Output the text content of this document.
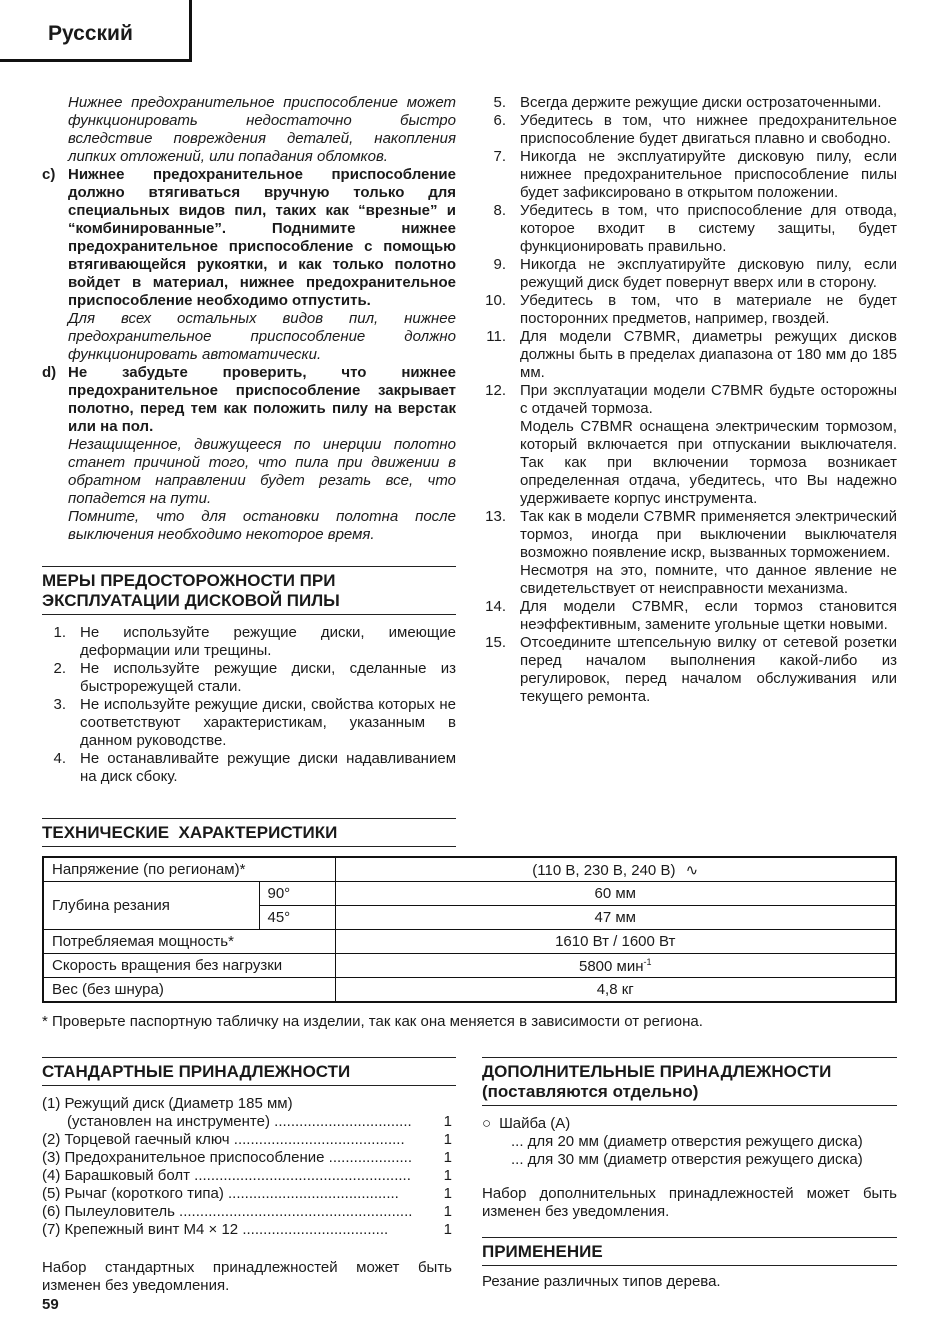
Русский
Нижнее предохранительное приспособление может функционировать недостаточно быстро вследствие повреждения деталей, накопления липких отложений, или попадания обломков.
c) Нижнее предохранительное приспособление должно втягиваться вручную только для специальных видов пил, таких как “врезные” и “комбинированные”. Поднимите нижнее предохранительное приспособление с помощью втягивающейся рукоятки, и как только полотно войдет в материал, нижнее предохранительное приспособление необходимо отпустить.
Для всех остальных видов пил, нижнее предохранительное приспособление должно функционировать автоматически.
d) Не забудьте проверить, что нижнее предохранительное приспособление закрывает полотно, перед тем как положить пилу на верстак или на пол.
Незащищенное, движущееся по инерции полотно станет причиной того, что пила при движении в обратном направлении будет резать все, что попадется на пути.
Помните, что для остановки полотна после выключения необходимо некоторое время.
МЕРЫ ПРЕДОСТОРОЖНОСТИ ПРИ
ЭКСПЛУАТАЦИИ ДИСКОВОЙ ПИЛЫ
1. Не используйте режущие диски, имеющие деформации или трещины.
2. Не используйте режущие диски, сделанные из быстрорежущей стали.
3. Не используйте режущие диски, свойства которых не соответствуют характеристикам, указанным в данном руководстве.
4. Не останавливайте режущие диски надавливанием на диск сбоку.
5. Всегда держите режущие диски острозаточенными.
6. Убедитесь в том, что нижнее предохранительное приспособление будет двигаться плавно и свободно.
7. Никогда не эксплуатируйте дисковую пилу, если нижнее предохранительное приспособление пилы будет зафиксировано в открытом положении.
8. Убедитесь в том, что приспособление для отвода, которое входит в систему защиты, будет функционировать правильно.
9. Никогда не эксплуатируйте дисковую пилу, если режущий диск будет повернут вверх или в сторону.
10. Убедитесь в том, что в материале не будет посторонних предметов, например, гвоздей.
11. Для модели C7BMR, диаметры режущих дисков должны быть в пределах диапазона от 180 мм до 185 мм.
12. При эксплуатации модели C7BMR будьте осторожны с отдачей тормоза.
Модель C7BMR оснащена электрическим тормозом, который включается при отпускании выключателя. Так как при включении тормоза возникает определенная отдача, убедитесь, что Вы надежно удерживаете корпус инструмента.
13. Так как в модели C7BMR применяется электрический тормоз, иногда при выключении выключателя возможно появление искр, вызванных торможением.
Несмотря на это, помните, что данное явление не свидетельствует от неисправности механизма.
14. Для модели C7BMR, если тормоз становится неэффективным, замените угольные щетки новыми.
15. Отсоедините штепсельную вилку от сетевой розетки перед началом выполнения какой-либо из регулировок, перед началом обслуживания или текущего ремонта.
ТЕХНИЧЕСКИЕ  ХАРАКТЕРИСТИКИ
Напряжение (по регионам)*		(110 В, 230 В, 240 В) ∿
Глубина резания	90°	60 мм
	45°	47 мм
Потребляемая мощность*		1610 Вт / 1600 Вт
Скорость вращения без нагрузки		5800 мин$^{-1}$
Вес (без шнура)		4,8 кг
* Проверьте паспортную табличку на изделии, так как она меняется в зависимости от региона.
СТАНДАРТНЫЕ ПРИНАДЛЕЖНОСТИ
(1) Режущий диск (Диаметр 185 мм)
(установлен на инструменте) ................................. 1
(2) Торцевой гаечный ключ .........................................	1
(3) Предохранительное приспособление .................... 1
(4) Барашковый болт .................................................... 1
(5) Рычаг (короткого типа) .........................................	1
(6) Пылеуловитель ........................................................ 1
(7) Крепежный винт M4 × 12 ...................................	1
Набор стандартных принадлежностей может быть изменен без уведомления.
ДОПОЛНИТЕЛЬНЫЕ ПРИНАДЛЕЖНОСТИ
(поставляются отдельно)
○ Шайба (A)
... для 20 мм (диаметр отверстия режущего диска)
... для 30 мм (диаметр отверстия режущего диска)
Набор дополнительных принадлежностей может быть изменен без уведомления.
ПРИМЕНЕНИЕ
Резание различных типов дерева.
59
